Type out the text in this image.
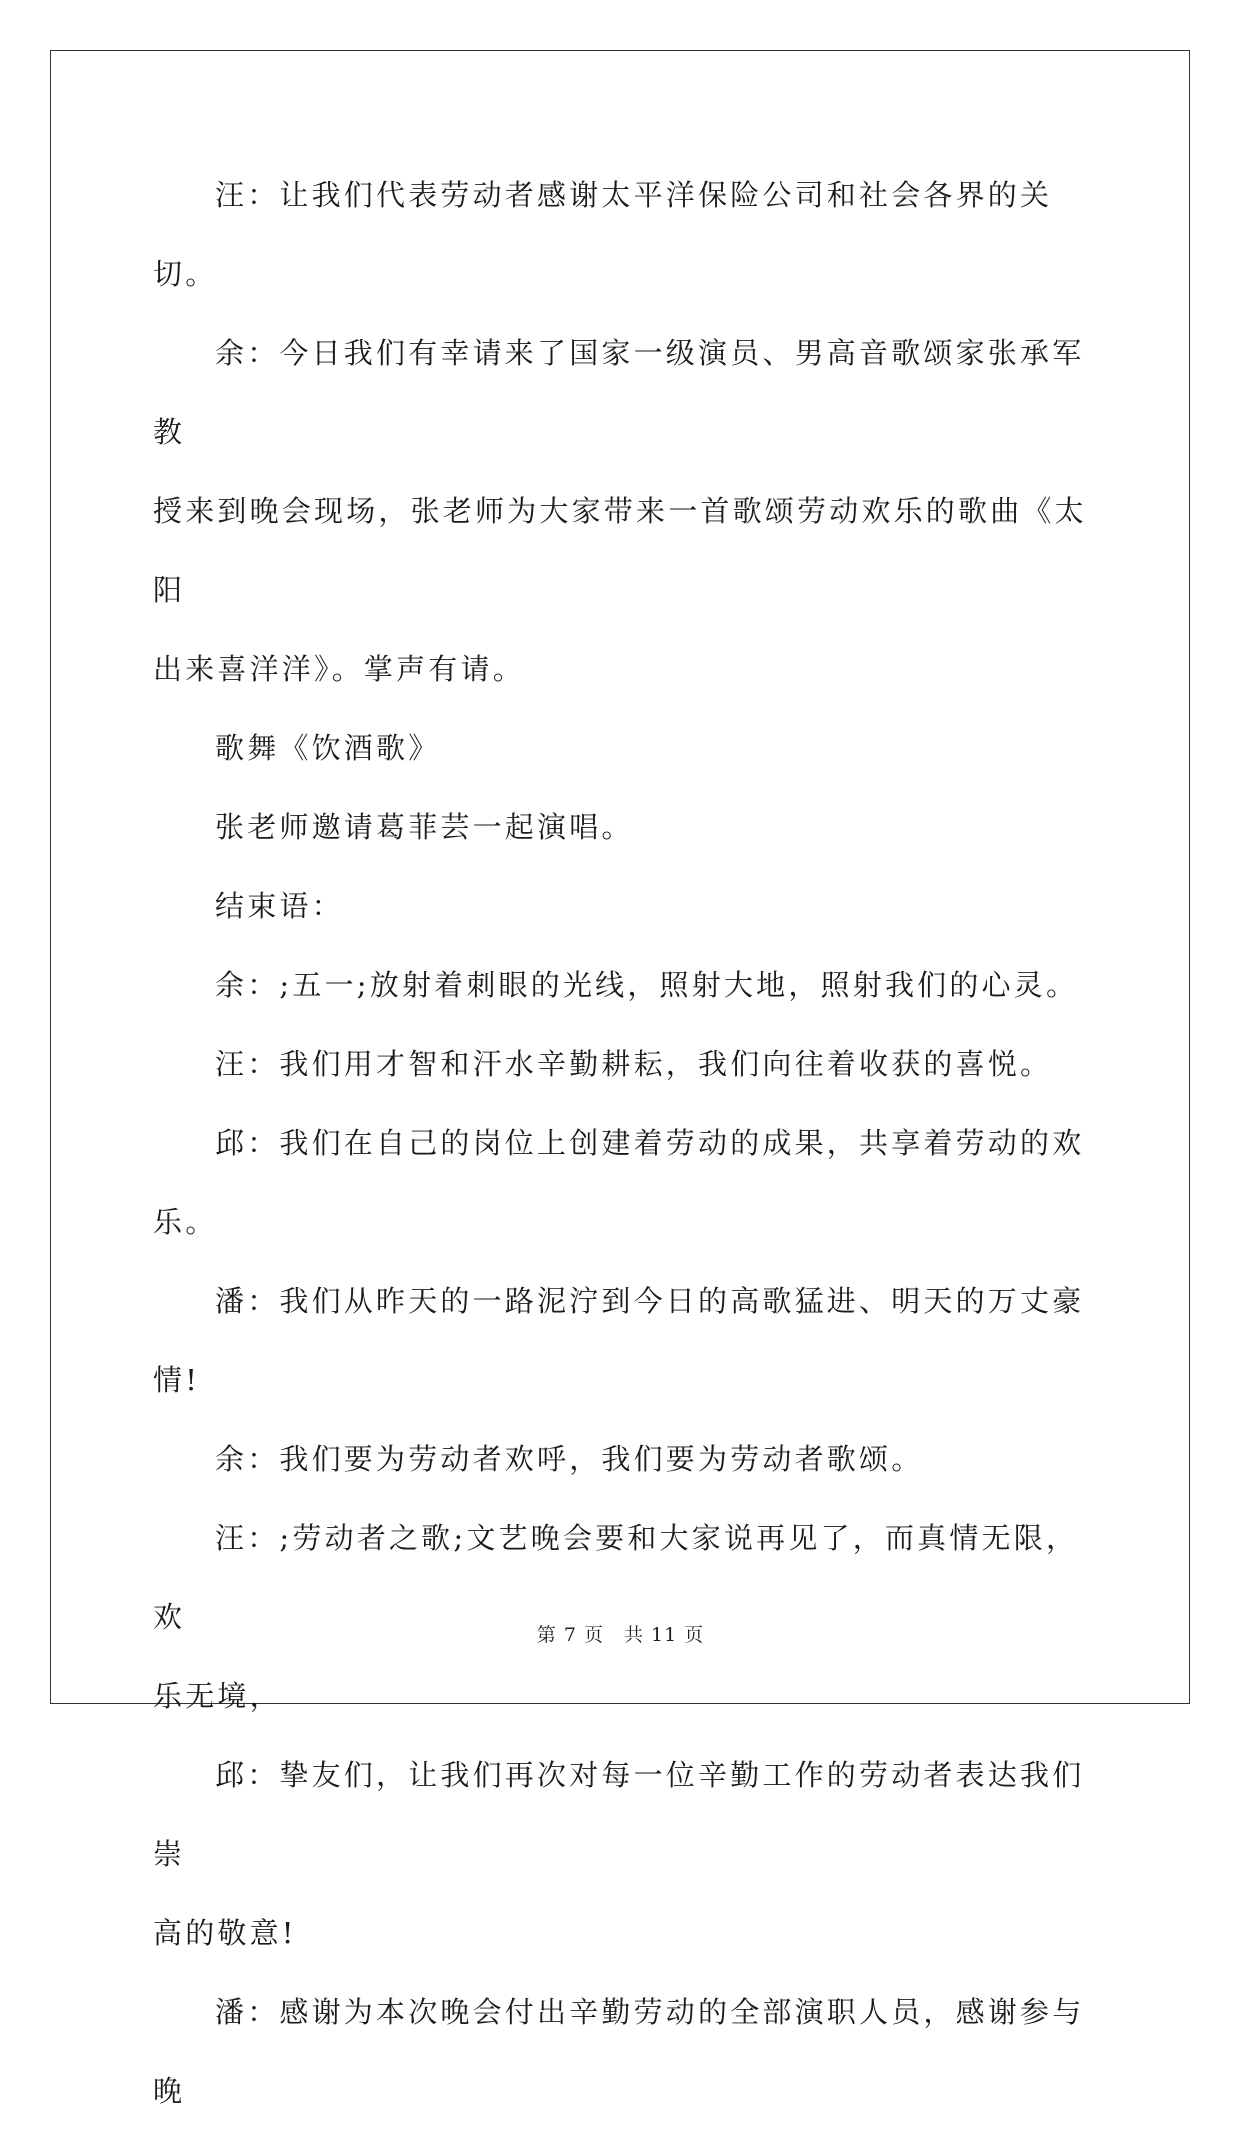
汪：让我们代表劳动者感谢太平洋保险公司和社会各界的关切。

余：今日我们有幸请来了国家一级演员、男高音歌颂家张承军教
授来到晚会现场，张老师为大家带来一首歌颂劳动欢乐的歌曲《太阳
出来喜洋洋》。掌声有请。

歌舞《饮酒歌》

张老师邀请葛菲芸一起演唱。

结束语：

余：;五一;放射着刺眼的光线，照射大地，照射我们的心灵。

汪：我们用才智和汗水辛勤耕耘，我们向往着收获的喜悦。

邱：我们在自己的岗位上创建着劳动的成果，共享着劳动的欢乐。

潘：我们从昨天的一路泥泞到今日的高歌猛进、明天的万丈豪情!

余：我们要为劳动者欢呼，我们要为劳动者歌颂。

汪：;劳动者之歌;文艺晚会要和大家说再见了，而真情无限，欢
乐无境，

邱：挚友们，让我们再次对每一位辛勤工作的劳动者表达我们崇
高的敬意!

潘：感谢为本次晚会付出辛勤劳动的全部演职人员，感谢参与晚

第 7 页 共 11 页
